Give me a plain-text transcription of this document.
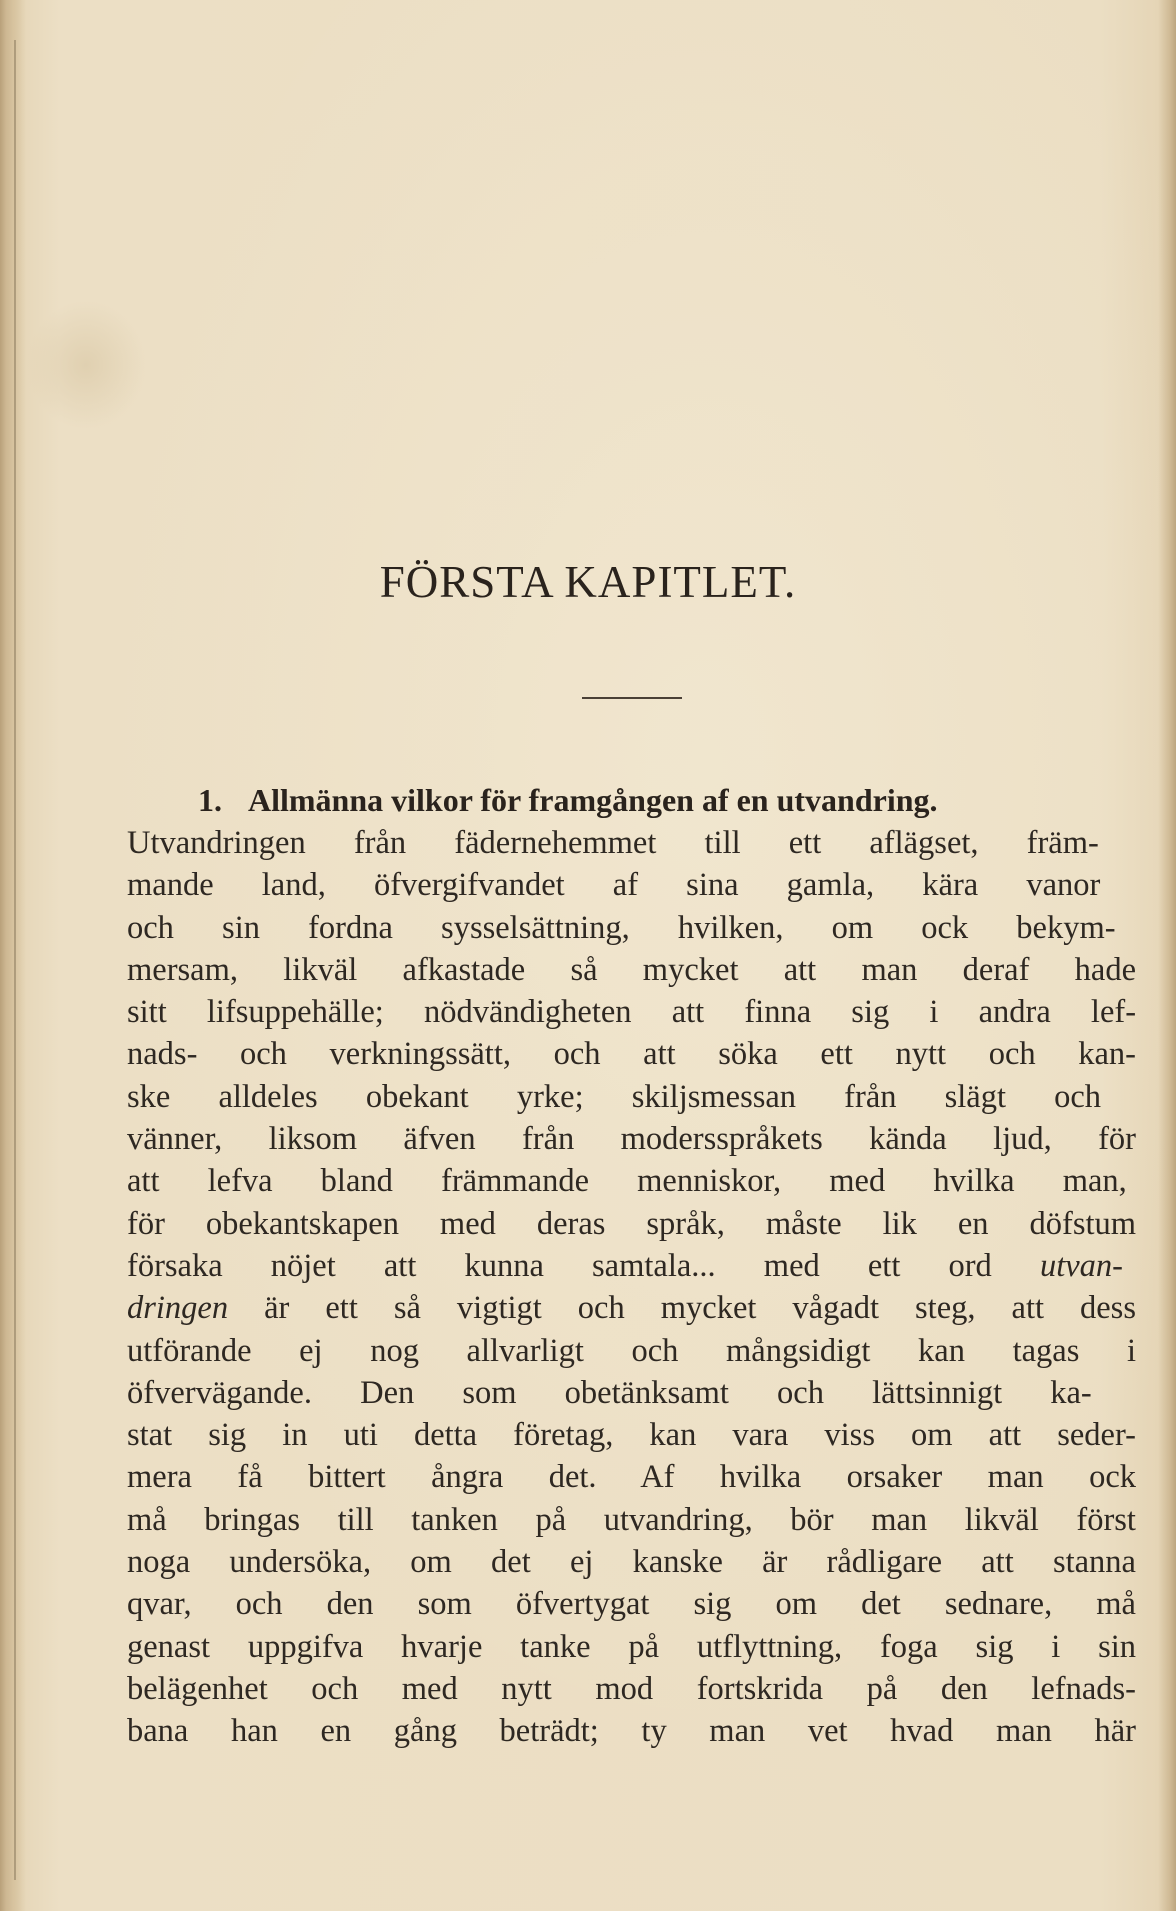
FÖRSTA KAPITLET.
1. Allmänna vilkor för framgången af en utvandring.
Utvandringen från fädernehemmet till ett aflägset, främ-
mande land, öfvergifvandet af sina gamla, kära vanor
och sin fordna sysselsättning, hvilken, om ock bekym-
mersam, likväl afkastade så mycket att man deraf hade
sitt lifsuppehälle; nödvändigheten att finna sig i andra lef-
nads- och verkningssätt, och att söka ett nytt och kan-
ske alldeles obekant yrke; skiljsmessan från slägt och
vänner, liksom äfven från modersspråkets kända ljud, för
att lefva bland främmande menniskor, med hvilka man,
för obekantskapen med deras språk, måste lik en döfstum
försaka nöjet att kunna samtala... med ett ord utvan-
dringen är ett så vigtigt och mycket vågadt steg, att dess
utförande ej nog allvarligt och mångsidigt kan tagas i
öfvervägande. Den som obetänksamt och lättsinnigt ka-
stat sig in uti detta företag, kan vara viss om att seder-
mera få bittert ångra det. Af hvilka orsaker man ock
må bringas till tanken på utvandring, bör man likväl först
noga undersöka, om det ej kanske är rådligare att stanna
qvar, och den som öfvertygat sig om det sednare, må
genast uppgifva hvarje tanke på utflyttning, foga sig i sin
belägenhet och med nytt mod fortskrida på den lefnads-
bana han en gång beträdt; ty man vet hvad man här
